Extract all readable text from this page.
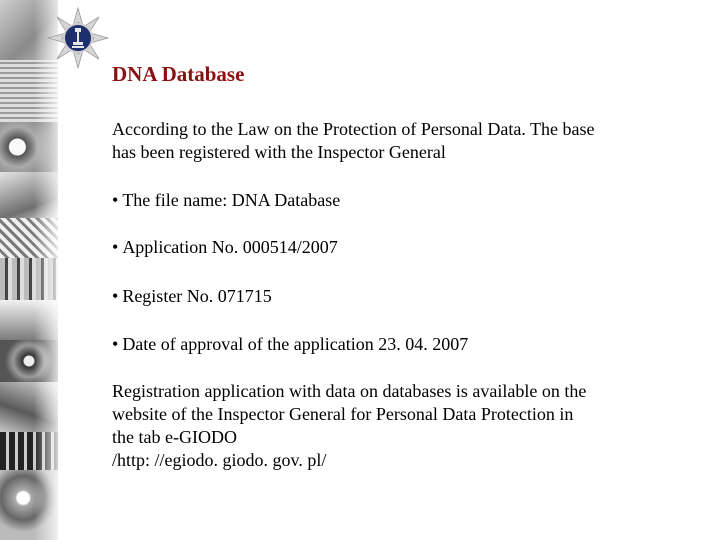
DNA Database

According to the Law on the Protection of Personal Data. The base
has been registered with the Inspector General

• The file name: DNA Database

• Application No. 000514/2007

• Register No. 071715

• Date of approval of the application 23. 04. 2007

Registration application with data on databases is available on the
website of the Inspector General for Personal Data Protection in
the tab e-GIODO
/http: //egiodo. giodo. gov. pl/
